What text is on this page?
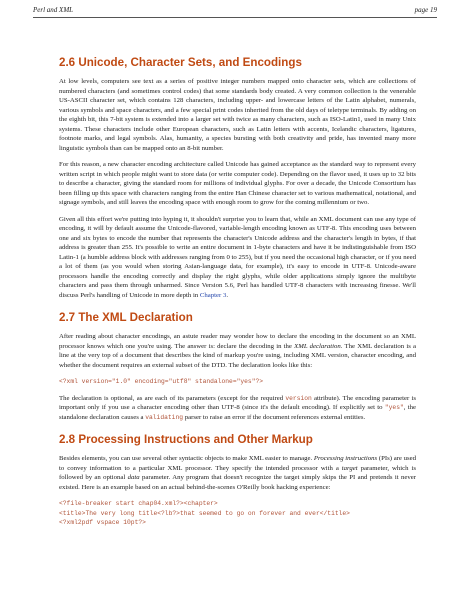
Perl and XML	page 19
2.6 Unicode, Character Sets, and Encodings

At low levels, computers see text as a series of positive integer numbers mapped onto character sets, which are collections of numbered characters (and sometimes control codes) that some standards body created. A very common collection is the venerable US-ASCII character set, which contains 128 characters, including upper- and lowercase letters of the Latin alphabet, numerals, various symbols and space characters, and a few special print codes inherited from the old days of teletype terminals. By adding on the eighth bit, this 7-bit system is extended into a larger set with twice as many characters, such as ISO-Latin1, used in many Unix systems. These characters include other European characters, such as Latin letters with accents, Icelandic characters, ligatures, footnote marks, and legal symbols. Alas, humanity, a species bursting with both creativity and pride, has invented many more linguistic symbols than can be mapped onto an 8-bit number.

For this reason, a new character encoding architecture called Unicode has gained acceptance as the standard way to represent every written script in which people might want to store data (or write computer code). Depending on the flavor used, it uses up to 32 bits to describe a character, giving the standard room for millions of individual glyphs. For over a decade, the Unicode Consortium has been filling up this space with characters ranging from the entire Han Chinese character set to various mathematical, notational, and signage symbols, and still leaves the encoding space with enough room to grow for the coming millennium or two.

Given all this effort we're putting into hyping it, it shouldn't surprise you to learn that, while an XML document can use any type of encoding, it will by default assume the Unicode-flavored, variable-length encoding known as UTF-8. This encoding uses between one and six bytes to encode the number that represents the character's Unicode address and the character's length in bytes, if that address is greater than 255. It's possible to write an entire document in 1-byte characters and have it be indistinguishable from ISO Latin-1 (a humble address block with addresses ranging from 0 to 255), but if you need the occasional high character, or if you need a lot of them (as you would when storing Asian-language data, for example), it's easy to encode in UTF-8. Unicode-aware processors handle the encoding correctly and display the right glyphs, while older applications simply ignore the multibyte characters and pass them through unharmed. Since Version 5.6, Perl has handled UTF-8 characters with increasing finesse. We'll discuss Perl's handling of Unicode in more depth in Chapter 3.

2.7 The XML Declaration

After reading about character encodings, an astute reader may wonder how to declare the encoding in the document so an XML processor knows which one you're using. The answer is: declare the decoding in the XML declaration. The XML declaration is a line at the very top of a document that describes the kind of markup you're using, including XML version, character encoding, and whether the document requires an external subset of the DTD. The declaration looks like this:

<?xml version="1.0" encoding="utf8" standalone="yes"?>

The declaration is optional, as are each of its parameters (except for the required version attribute). The encoding parameter is important only if you use a character encoding other than UTF-8 (since it's the default encoding). If explicitly set to "yes", the standalone declaration causes a validating parser to raise an error if the document references external entities.

2.8 Processing Instructions and Other Markup

Besides elements, you can use several other syntactic objects to make XML easier to manage. Processing instructions (PIs) are used to convey information to a particular XML processor. They specify the intended processor with a target parameter, which is followed by an optional data parameter. Any program that doesn't recognize the target simply skips the PI and pretends it never existed. Here is an example based on an actual behind-the-scenes O'Reilly book hacking experience:

<?file-breaker start chap04.xml?><chapter>
<title>The very long title<?lb?>that seemed to go on forever and ever</title>
<?xml2pdf vspace 10pt?>
